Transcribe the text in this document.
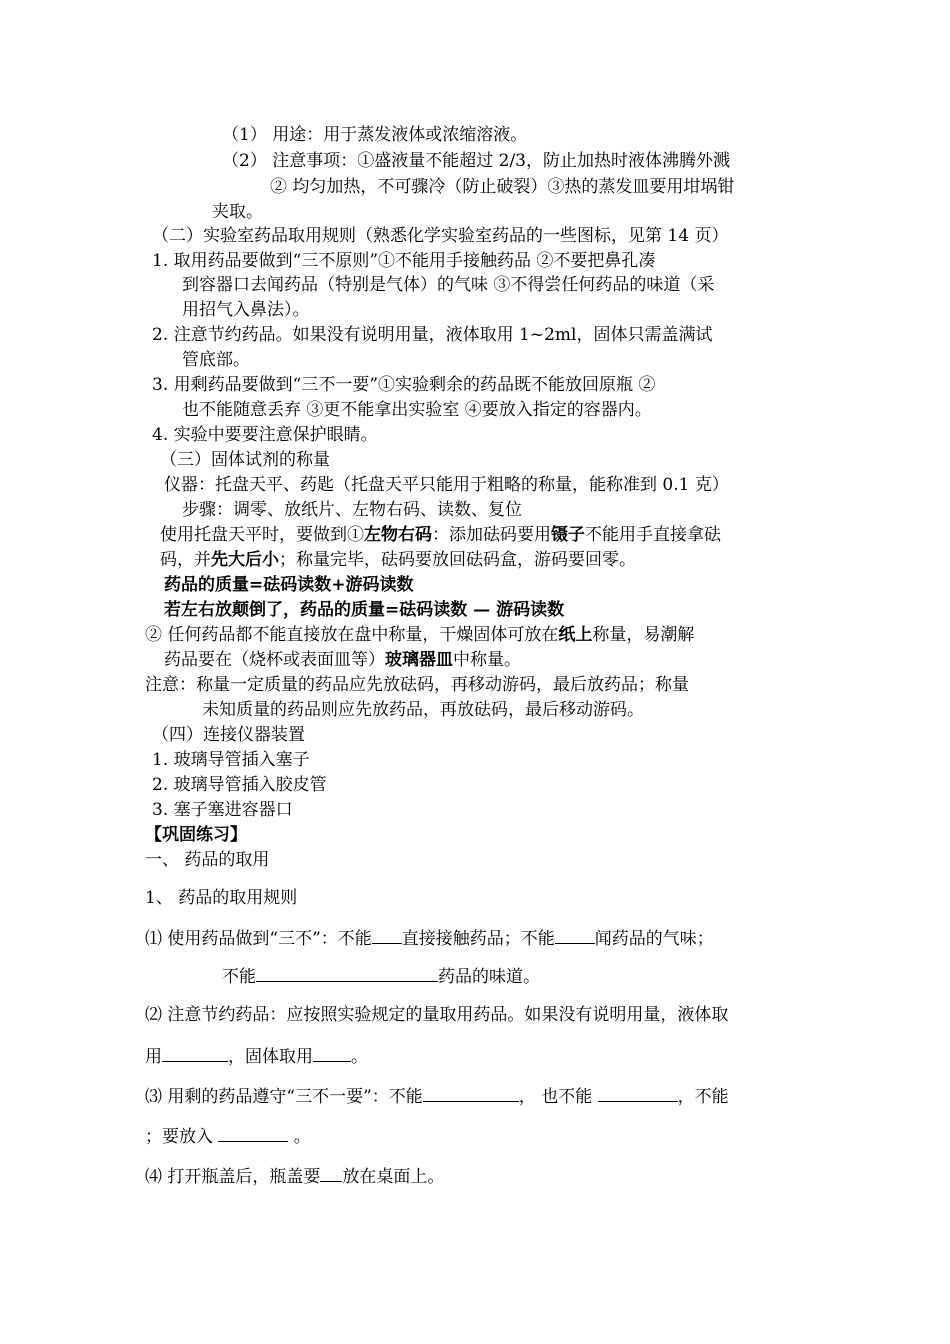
（1） 用途：用于蒸发液体或浓缩溶液。
（2） 注意事项：①盛液量不能超过 2/3，防止加热时液体沸腾外溅
② 均匀加热，不可骤冷（防止破裂）③热的蒸发皿要用坩埚钳
夹取。
（二）实验室药品取用规则（熟悉化学实验室药品的一些图标，见第 14 页）
1. 取用药品要做到“三不原则”①不能用手接触药品 ②不要把鼻孔凑
到容器口去闻药品（特别是气体）的气味 ③不得尝任何药品的味道（采
用招气入鼻法）。
2. 注意节约药品。如果没有说明用量，液体取用 1~2ml，固体只需盖满试
管底部。
3. 用剩药品要做到“三不一要”①实验剩余的药品既不能放回原瓶 ②
也不能随意丢弃 ③更不能拿出实验室 ④要放入指定的容器内。
4. 实验中要要注意保护眼睛。
（三）固体试剂的称量
仪器：托盘天平、药匙（托盘天平只能用于粗略的称量，能称准到 0.1 克）
步骤：调零、放纸片、左物右码、读数、复位
使用托盘天平时，要做到①左物右码：添加砝码要用镊子不能用手直接拿砝
码，并先大后小；称量完毕，砝码要放回砝码盒，游码要回零。
药品的质量=砝码读数+游码读数
若左右放颠倒了，药品的质量=砝码读数 — 游码读数
② 任何药品都不能直接放在盘中称量，干燥固体可放在纸上称量，易潮解
药品要在（烧杯或表面皿等）玻璃器皿中称量。
注意：称量一定质量的药品应先放砝码，再移动游码，最后放药品；称量
未知质量的药品则应先放药品，再放砝码，最后移动游码。
（四）连接仪器装置
1. 玻璃导管插入塞子
2. 玻璃导管插入胶皮管
3. 塞子塞进容器口
【巩固练习】
一、 药品的取用
1、 药品的取用规则
⑴ 使用药品做到“三不”：不能 直接接触药品；不能 闻药品的气味；
不能	药品的味道。
⑵ 注意节约药品：应按照实验规定的量取用药品。如果没有说明用量，液体取
用	，固体取用 。
⑶ 用剩的药品遵守“三不一要”：不能	， 也不能	，不能
；要放入	。
⑷ 打开瓶盖后，瓶盖要 放在桌面上。
